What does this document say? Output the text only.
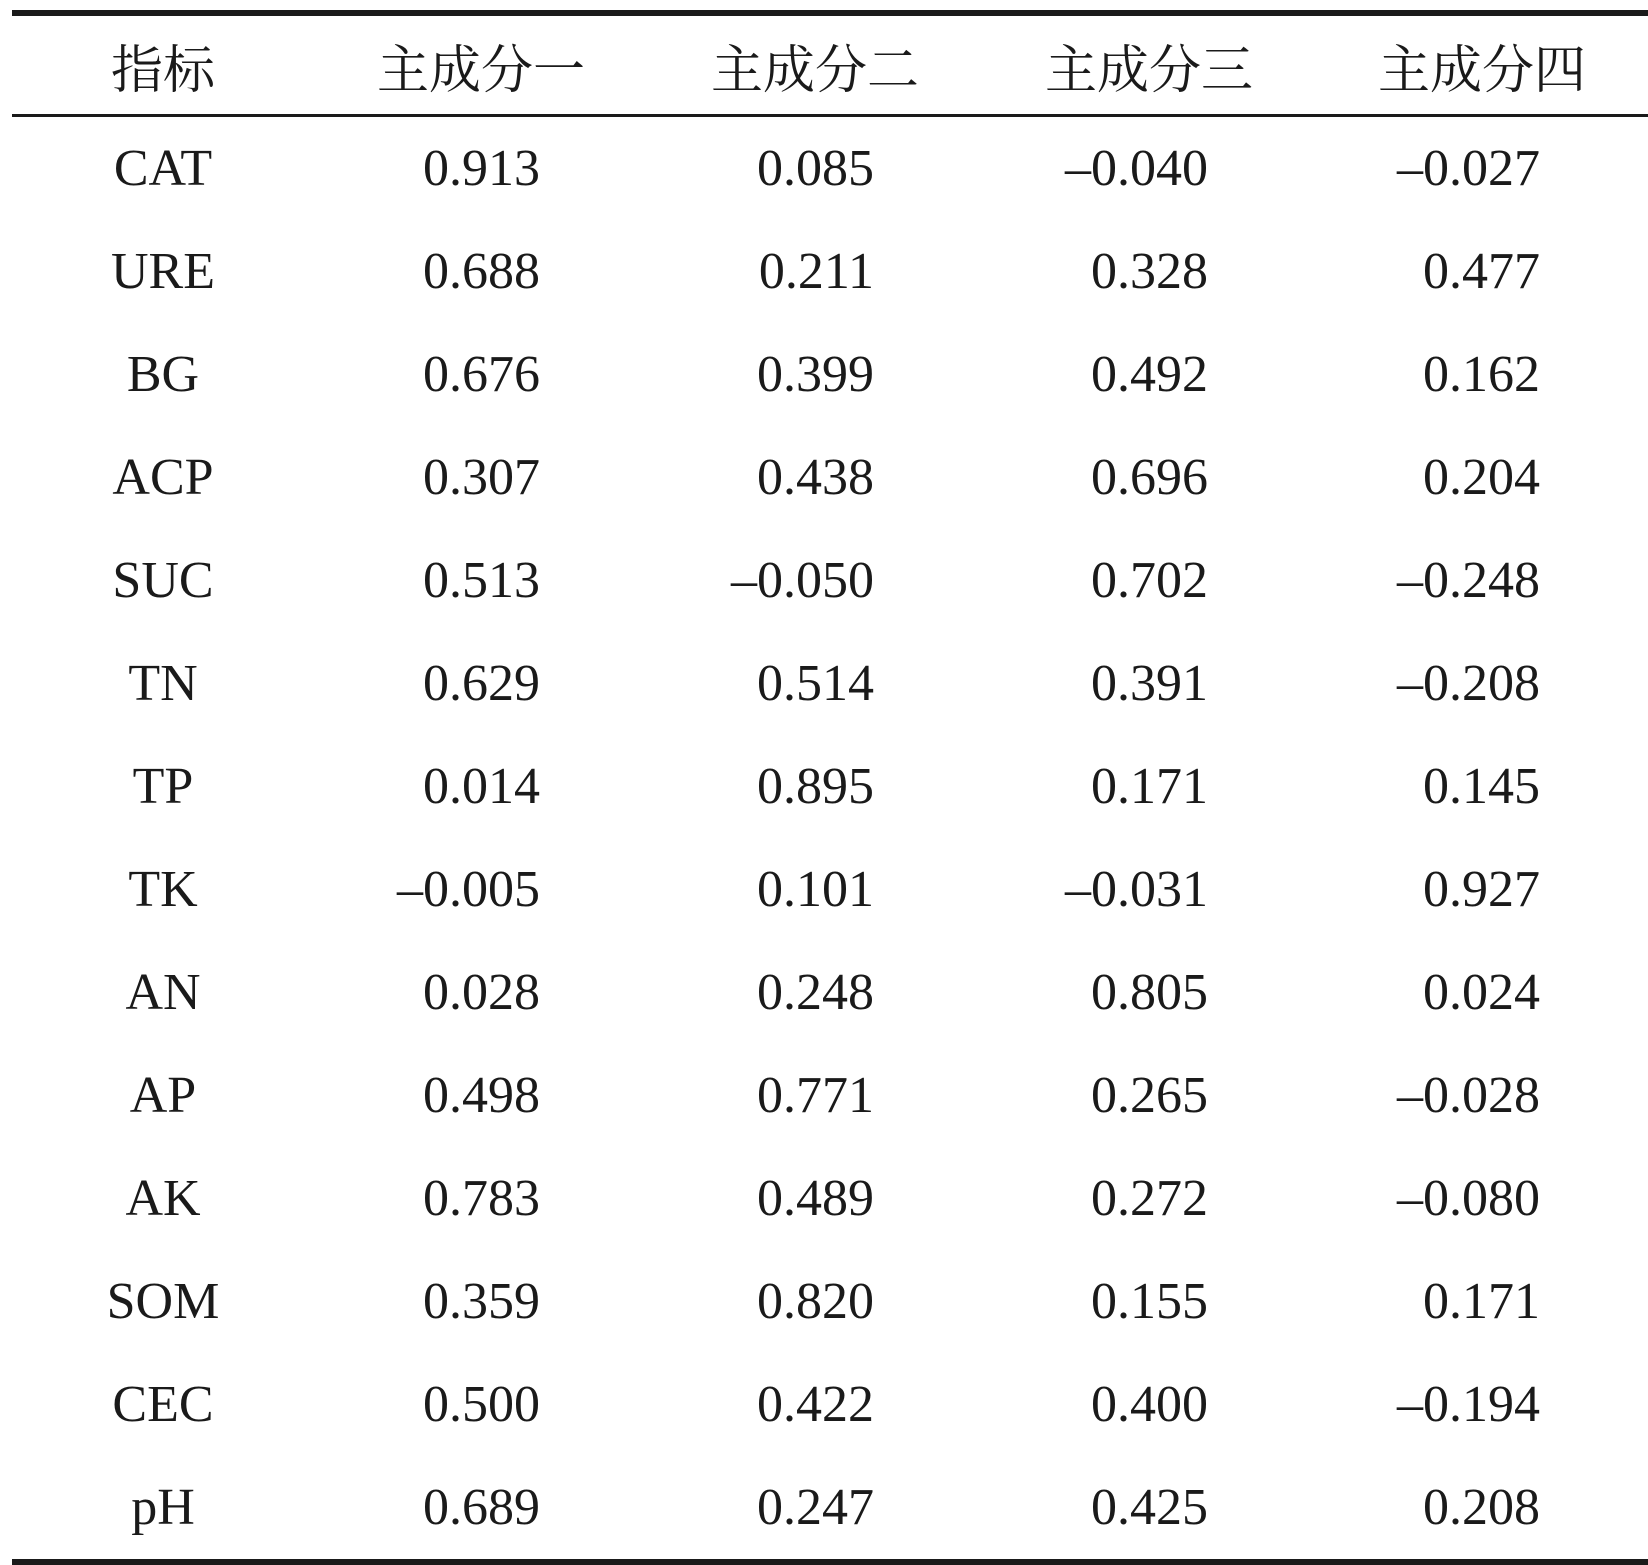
指标	主成分一	主成分二	主成分三	主成分四
CAT	0.913	0.085	–0.040	–0.027
URE	0.688	0.211	0.328	0.477
BG	0.676	0.399	0.492	0.162
ACP	0.307	0.438	0.696	0.204
SUC	0.513	–0.050	0.702	–0.248
TN	0.629	0.514	0.391	–0.208
TP	0.014	0.895	0.171	0.145
TK	–0.005	0.101	–0.031	0.927
AN	0.028	0.248	0.805	0.024
AP	0.498	0.771	0.265	–0.028
AK	0.783	0.489	0.272	–0.080
SOM	0.359	0.820	0.155	0.171
CEC	0.500	0.422	0.400	–0.194
pH	0.689	0.247	0.425	0.208
